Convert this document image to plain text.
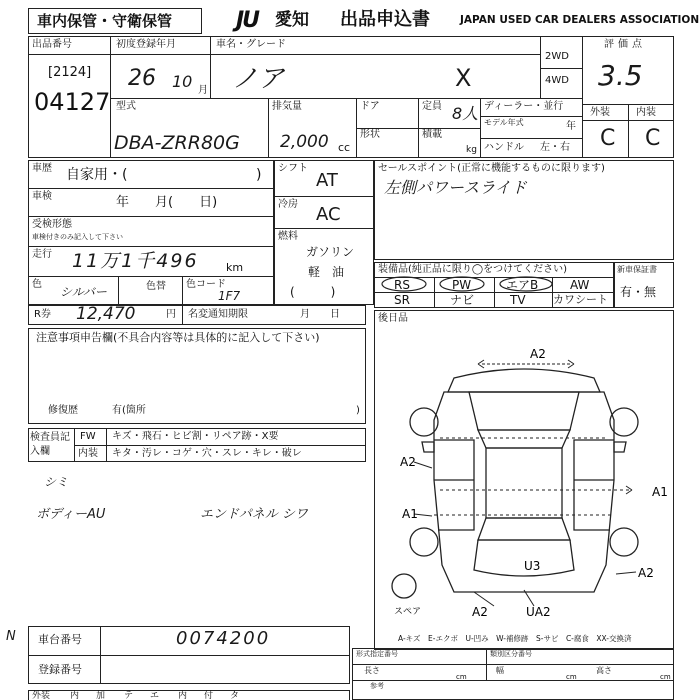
車内保管・守衛保管	JU 愛知 出品申込書	JAPAN USED CAR DEALERS ASSOCIATION
出品番号
[2124]
04127
初度登録年月
26 10 月
車名・グレード
ノア	X
2WD
4WD
評価点
3.5
外装	内装
C C
型式
DBA-ZRR80G
排気量
2,000 cc
ドア	定員 8人
形状	積載
kg
ディーラー・並行
モデル年式	年
ハンドル 左・右
車歴 自家用・(	)
車検	年　　月(　　日)
受検形態
車検付きのみ記入して下さい
走行 11万1千496 km
色
シルバー	色替 色コード
1F7
シフト
AT
冷房 AC
燃料
ガソリン
軽　油
(　　　)
セールスポイント(正常に機能するものに限ります)
左側パワースライド
装備品(純正品に限り◯をつけてください)
RS	PW	エアB	AW
SR	ナビ	TV カワシート
新車保証書
有・無
R券 12,470	円 名変通知期限	月　　日
注意事項申告欄(不具合内容等は具体的に記入して下さい)
修復歴	有(箇所	)
検査員記入欄
FW キズ・飛石・ヒビ割・リペア跡・X要
内装 キタ・汚レ・コゲ・穴・スレ・キレ・破レ
シミ
ボディーAU	エンドパネル シワ
後日品
A2
A2
A1
A1
A2
A2	UA2
U3
スペア
A-キズ　E-エクボ　U-凹み　W-補修跡　S-サビ　C-腐食　XX-交換済
形式指定番号	類別区分番号
長さ	幅	高さ
cm	cm	cm
参考
N 車台番号	0074200
登録番号
外装 内 加 テ エ 内 付 タ
